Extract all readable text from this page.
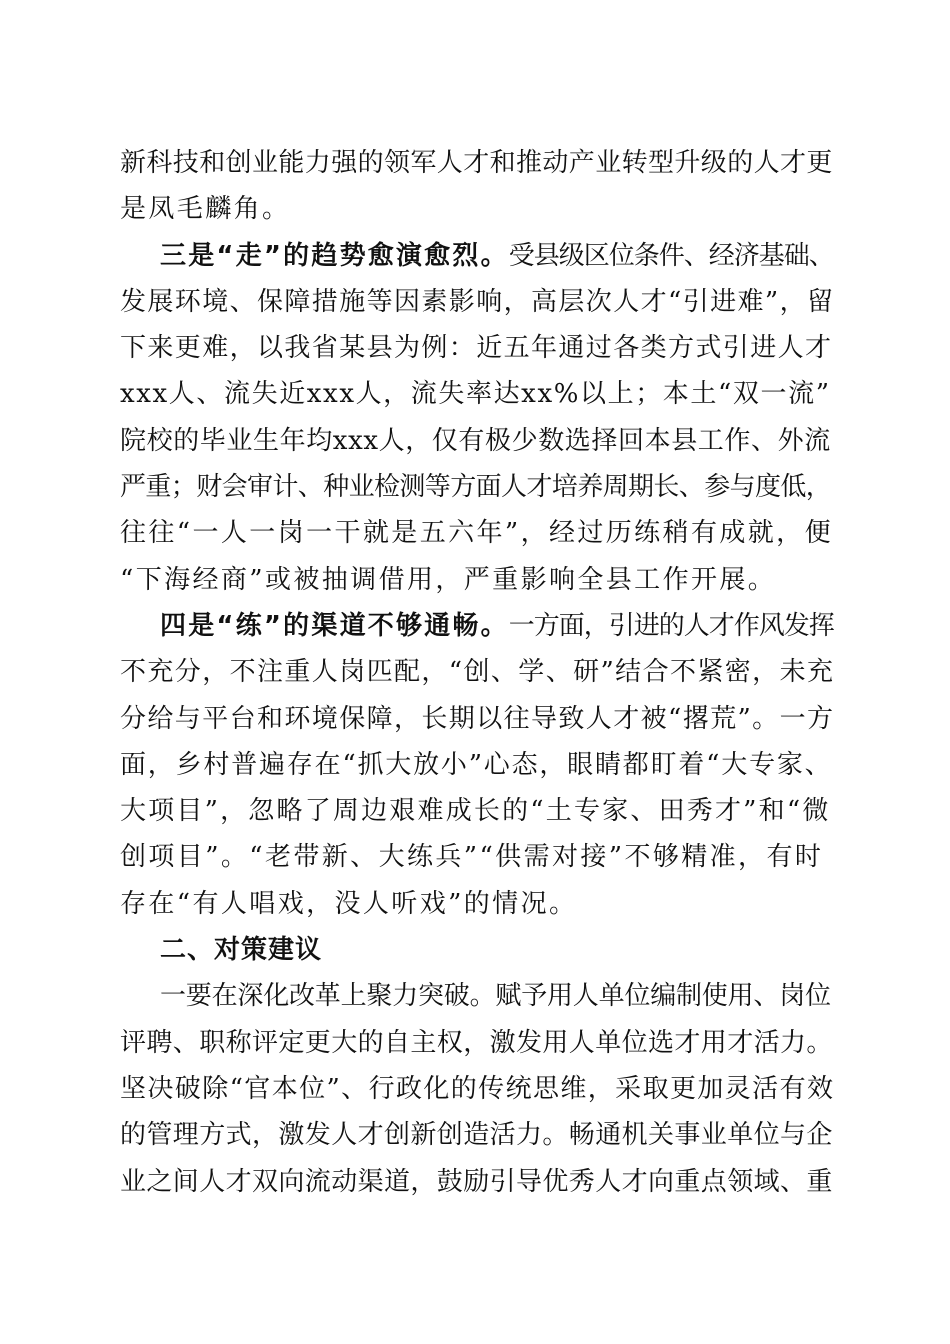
新科技和创业能力强的领军人才和推动产业转型升级的人才更
是凤毛麟角。
三是“走”的趋势愈演愈烈。受县级区位条件、经济基础、
发展环境、保障措施等因素影响，高层次人才“引进难”，留
下来更难，以我省某县为例：近五年通过各类方式引进人才
xxx人、流失近xxx人，流失率达xx%以上；本土“双一流”
院校的毕业生年均xxx人，仅有极少数选择回本县工作、外流
严重；财会审计、种业检测等方面人才培养周期长、参与度低，
往往“一人一岗一干就是五六年”，经过历练稍有成就，便
“下海经商”或被抽调借用，严重影响全县工作开展。
四是“练”的渠道不够通畅。一方面，引进的人才作风发挥
不充分，不注重人岗匹配，“创、学、研”结合不紧密，未充
分给与平台和环境保障，长期以往导致人才被“撂荒”。一方
面，乡村普遍存在“抓大放小”心态，眼睛都盯着“大专家、
大项目”，忽略了周边艰难成长的“土专家、田秀才”和“微
创项目”。“老带新、大练兵”“供需对接”不够精准，有时
存在“有人唱戏，没人听戏”的情况。
二、对策建议
一要在深化改革上聚力突破。赋予用人单位编制使用、岗位
评聘、职称评定更大的自主权，激发用人单位选才用才活力。
坚决破除“官本位”、行政化的传统思维，采取更加灵活有效
的管理方式，激发人才创新创造活力。畅通机关事业单位与企
业之间人才双向流动渠道，鼓励引导优秀人才向重点领域、重
